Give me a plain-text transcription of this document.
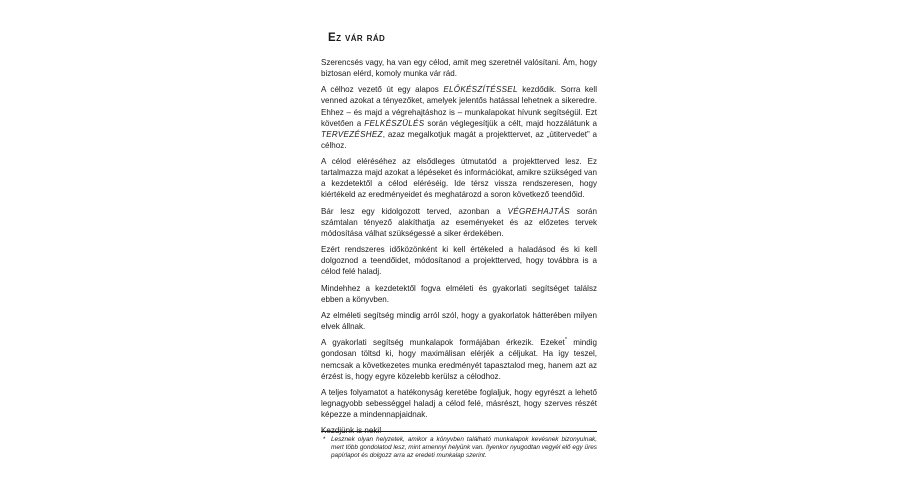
Ez vár rád

Szerencsés vagy, ha van egy célod, amit meg szeretnél valósítani. Ám, hogy biztosan elérd, komoly munka vár rád.

A célhoz vezető út egy alapos ELŐKÉSZÍTÉSSEL kezdődik. Sorra kell venned azokat a tényezőket, amelyek jelentős hatással lehetnek a sikeredre. Ehhez – és majd a végrehajtáshoz is – munkalapokat hívunk segítségül. Ezt követően a FELKÉSZÜLÉS során véglegesítjük a célt, majd hozzálátunk a TERVEZÉSHEZ, azaz megalkotjuk magát a projekttervet, az „útitervedet” a célhoz.

A célod eléréséhez az elsődleges útmutatód a projektterved lesz. Ez tartalmazza majd azokat a lépéseket és információkat, amikre szükséged van a kezdetektől a célod eléréséig. Ide térsz vissza rendszeresen, hogy kiértékeld az eredményeidet és meghatározd a soron következő teendőid.

Bár lesz egy kidolgozott terved, azonban a VÉGREHAJTÁS során számtalan tényező alakíthatja az eseményeket és az előzetes tervek módosítása válhat szükségessé a siker érdekében.

Ezért rendszeres időközönként ki kell értékeled a haladásod és ki kell dolgoznod a teendőidet, módosítanod a projektterved, hogy továbbra is a célod felé haladj.

Mindehhez a kezdetektől fogva elméleti és gyakorlati segítséget találsz ebben a könyvben.

Az elméleti segítség mindig arról szól, hogy a gyakorlatok hátterében milyen elvek állnak.

A gyakorlati segítség munkalapok formájában érkezik. Ezeket* mindig gondosan töltsd ki, hogy maximálisan elérjék a céljukat. Ha így teszel, nemcsak a következetes munka eredményét tapasztalod meg, hanem azt az érzést is, hogy egyre közelebb kerülsz a célodhoz.

A teljes folyamatot a hatékonyság keretébe foglaljuk, hogy egyrészt a lehető legnagyobb sebességgel haladj a célod felé, másrészt, hogy szerves részét képezze a mindennapjaidnak.

Kezdjünk is neki!

* Lesznek olyan helyzetek, amikor a könyvben található munkalapok kevésnek bizonyulnak, mert több gondolatod lesz, mint amennyi helyünk van. Ilyenkor nyugodtan vegyél elő egy üres papírlapot és dolgozz arra az eredeti munkalap szerint.
